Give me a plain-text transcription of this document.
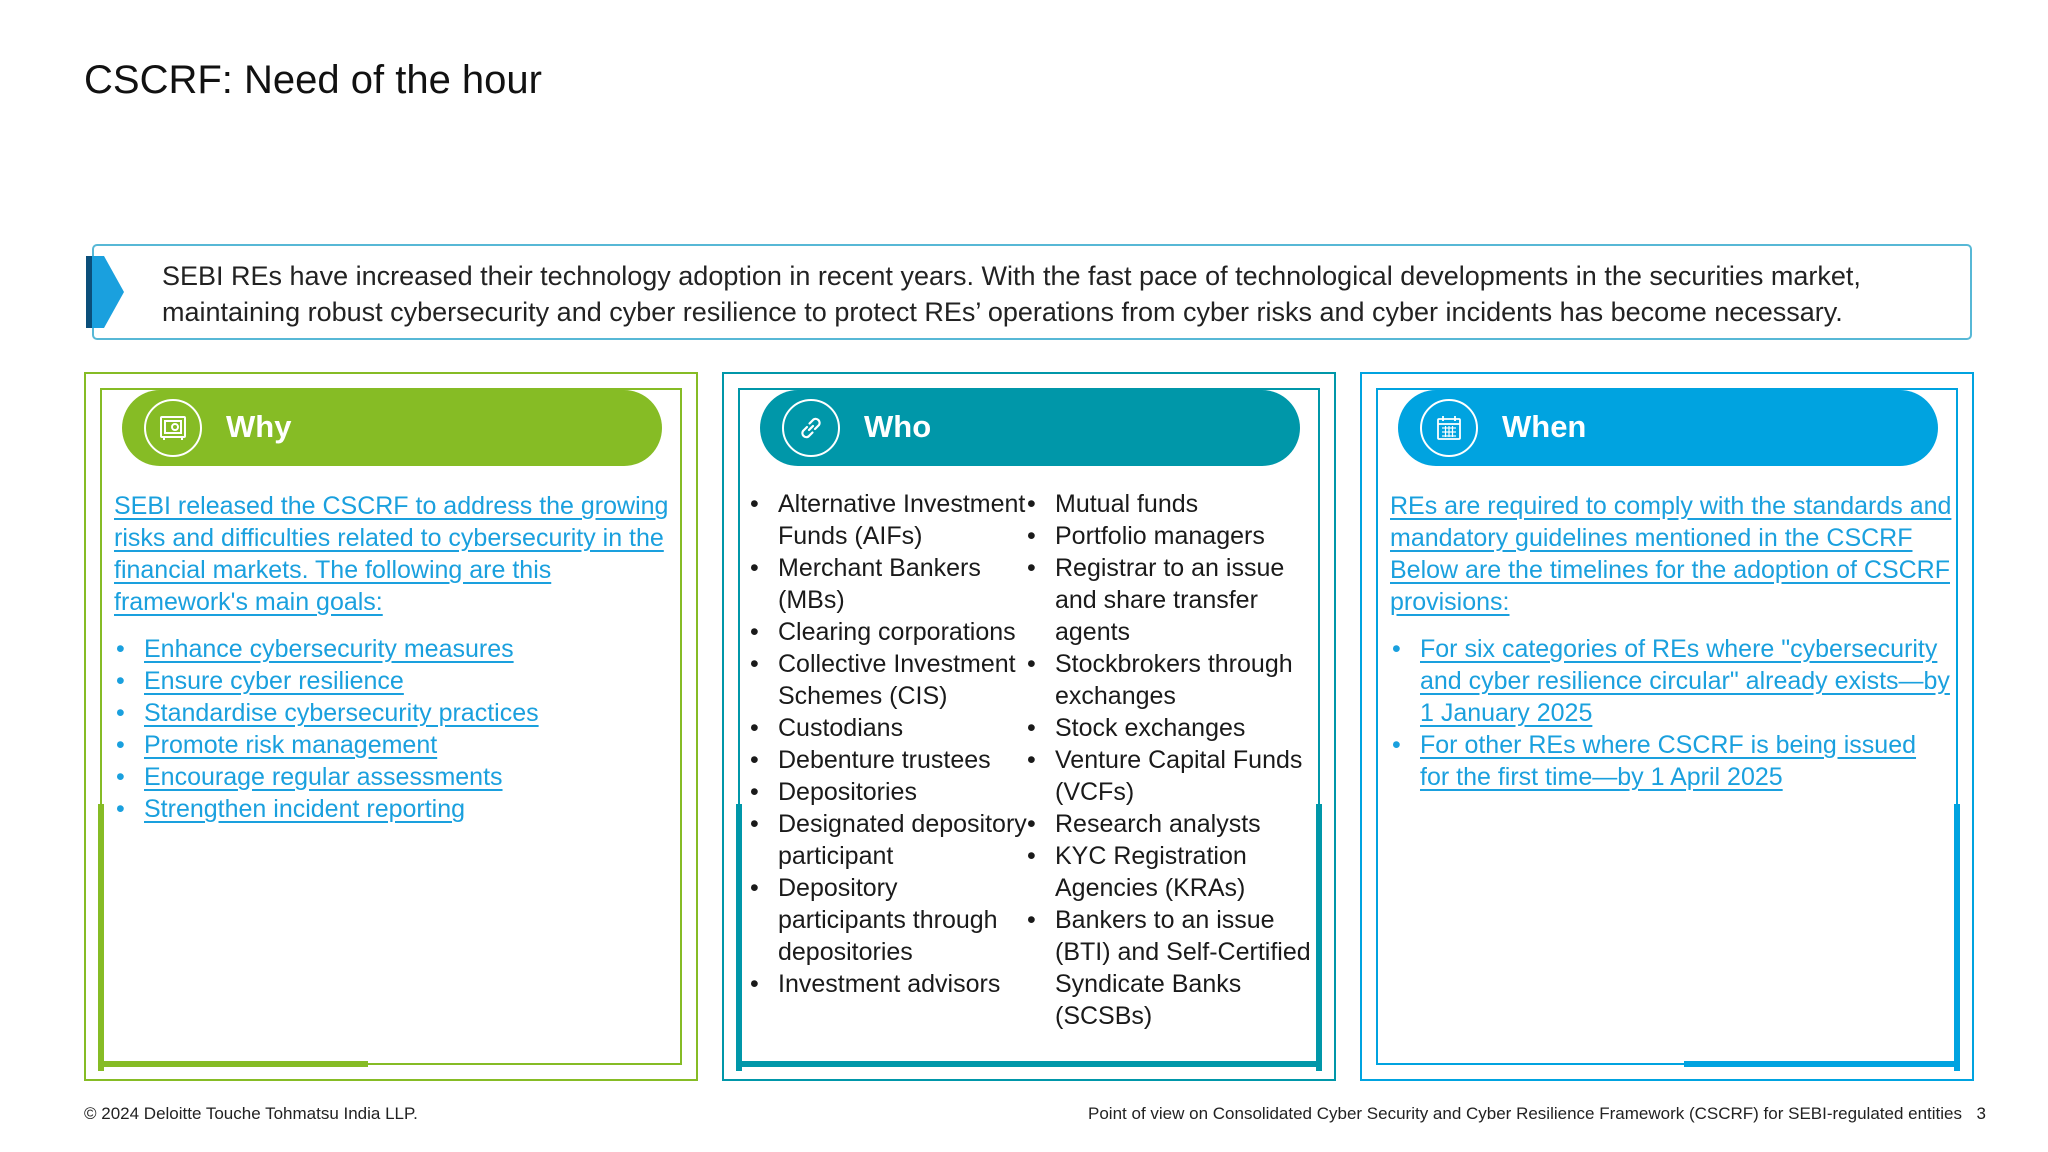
CSCRF: Need of the hour
SEBI REs have increased their technology adoption in recent years. With the fast pace of technological developments in the securities market, maintaining robust cybersecurity and cyber resilience to protect REs’ operations from cyber risks and cyber incidents has become necessary.
Why
SEBI released the CSCRF to address the growing risks and difficulties related to cybersecurity in the financial markets. The following are this framework's main goals:
• Enhance cybersecurity measures
• Ensure cyber resilience
• Standardise cybersecurity practices
• Promote risk management
• Encourage regular assessments
• Strengthen incident reporting
Who
• Alternative Investment Funds (AIFs)
• Merchant Bankers (MBs)
• Clearing corporations
• Collective Investment Schemes (CIS)
• Custodians
• Debenture trustees
• Depositories
• Designated depository participant
• Depository participants through depositories
• Investment advisors
• Mutual funds
• Portfolio managers
• Registrar to an issue and share transfer agents
• Stockbrokers through exchanges
• Stock exchanges
• Venture Capital Funds (VCFs)
• Research analysts
• KYC Registration Agencies (KRAs)
• Bankers to an issue (BTI) and Self-Certified Syndicate Banks (SCSBs)
When
REs are required to comply with the standards and mandatory guidelines mentioned in the CSCRF Below are the timelines for the adoption of CSCRF provisions:
• For six categories of REs where "cybersecurity and cyber resilience circular" already exists—by 1 January 2025
• For other REs where CSCRF is being issued for the first time—by 1 April 2025
© 2024 Deloitte Touche Tohmatsu India LLP.	Point of view on Consolidated Cyber Security and Cyber Resilience Framework (CSCRF) for SEBI-regulated entities 3
